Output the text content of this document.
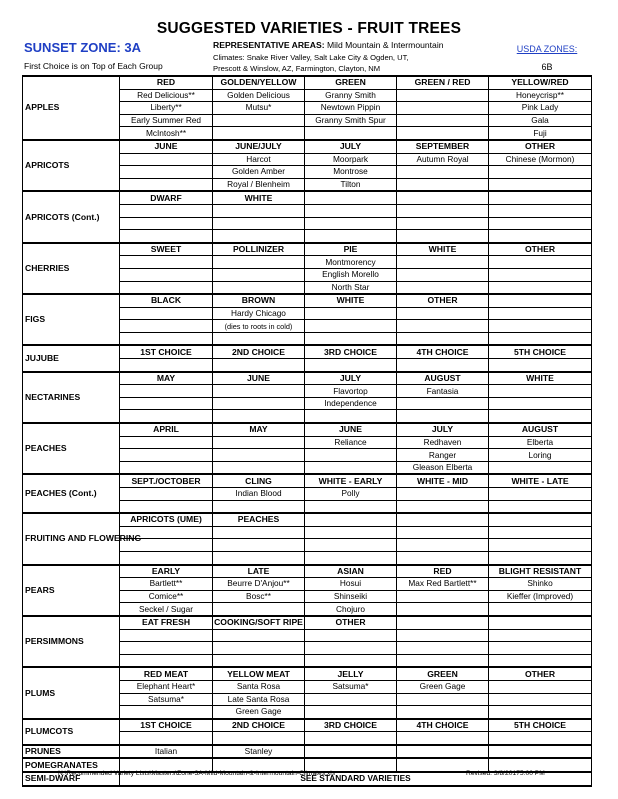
SUGGESTED VARIETIES - FRUIT TREES
SUNSET ZONE: 3A
First Choice is on Top of Each Group
REPRESENTATIVE AREAS: Mild Mountain & Intermountain
Climates: Snake River Valley, Salt Lake City & Ogden, UT,
Prescott & Winslow, AZ, Farmington, Clayton, NM
USDA ZONES:
6B
APPLES	RED	GOLDEN/YELLOW	GREEN	GREEN / RED	YELLOW/RED
	Red Delicious**	Golden Delicious	Granny Smith		Honeycrisp**
	Liberty**	Mutsu*	Newtown Pippin		Pink Lady
	Early Summer Red		Granny Smith Spur		Gala
	McIntosh**				Fuji
APRICOTS	JUNE	JUNE/JULY	JULY	SEPTEMBER	OTHER
		Harcot	Moorpark	Autumn Royal	Chinese (Mormon)
		Golden Amber	Montrose		
		Royal / Blenheim	Tilton		
APRICOTS (Cont.)	DWARF	WHITE			

CHERRIES	SWEET	POLLINIZER	PIE	WHITE	OTHER
			Montmorency		
			English Morello		
			North Star		
FIGS	BLACK	BROWN	WHITE	OTHER	
		Hardy Chicago			
		(dies to roots in cold)			

JUJUBE	1ST CHOICE	2ND CHOICE	3RD CHOICE	4TH CHOICE	5TH CHOICE

NECTARINES	MAY	JUNE	JULY	AUGUST	WHITE
			Flavortop	Fantasia	
			Independence		

PEACHES	APRIL	MAY	JUNE	JULY	AUGUST
			Reliance	Redhaven	Elberta
				Ranger	Loring
				Gleason Elberta	
PEACHES (Cont.)	SEPT./OCTOBER	CLING	WHITE - EARLY	WHITE - MID	WHITE - LATE
		Indian Blood	Polly		

FRUITING AND FLOWERING	APRICOTS (UME)	PEACHES			

PEARS	EARLY	LATE	ASIAN	RED	BLIGHT RESISTANT
	Bartlett**	Beurre D'Anjou**	Hosui	Max Red Bartlett**	Shinko
	Comice**	Bosc**	Shinseiki		Kieffer (Improved)
	Seckel / Sugar		Chojuro		
PERSIMMONS	EAT FRESH	COOKING/SOFT RIPE	OTHER		

PLUMS	RED MEAT	YELLOW MEAT	JELLY	GREEN	OTHER
	Elephant Heart*	Santa Rosa	Satsuma*	Green Gage	
	Satsuma*	Late Santa Rosa			
		Green Gage			
PLUMCOTS	1ST CHOICE	2ND CHOICE	3RD CHOICE	4TH CHOICE	5TH CHOICE

PRUNES	Italian	Stanley			
POMEGRANATES					
SEMI-DWARF	SEE STANDARD VARIETIES				
N:\Recommended Variety Lists\Masters\Zone-3A-Mild-Mountain-&-Intermountain-Climates.xls	Revised: 3/8/20175:00 PM
